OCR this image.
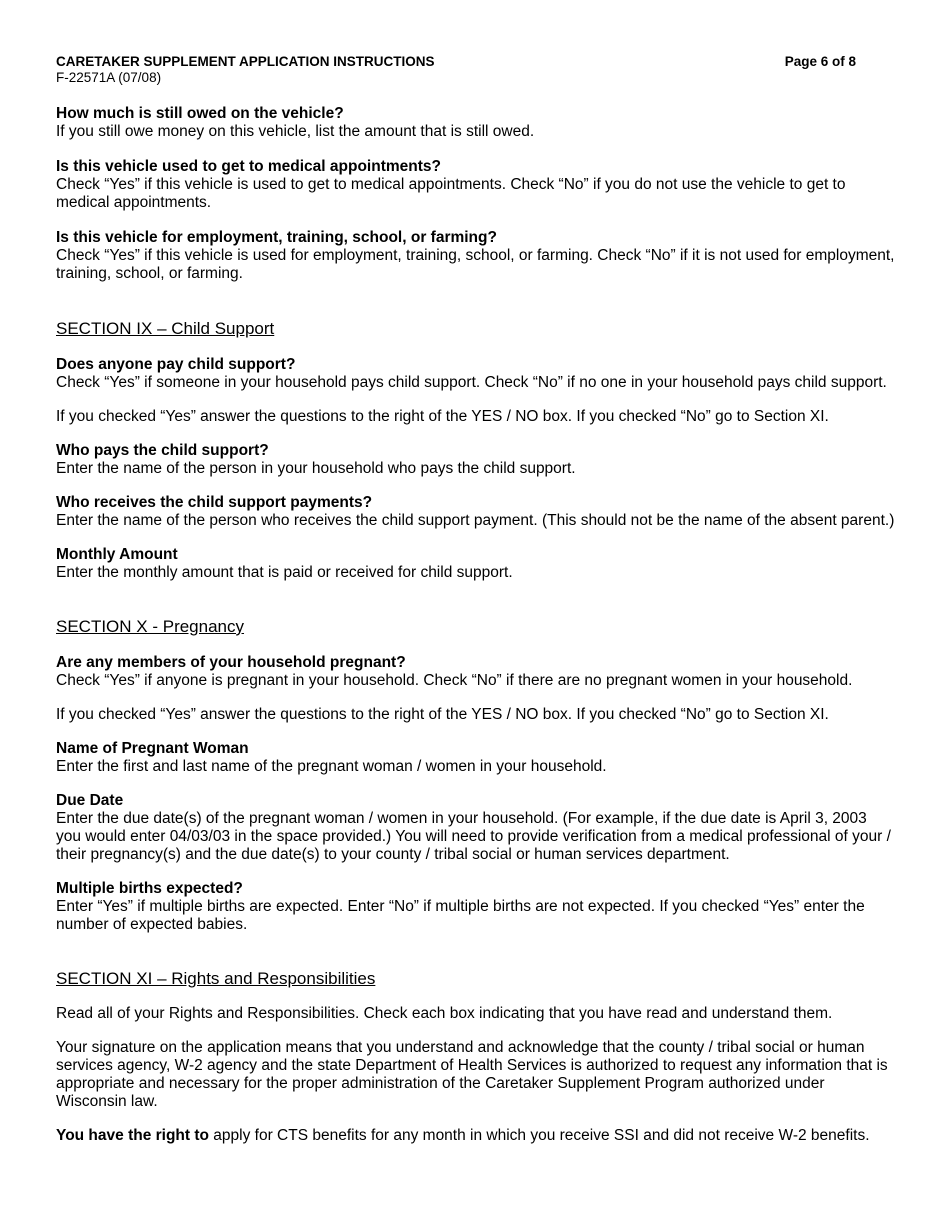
CARETAKER SUPPLEMENT APPLICATION INSTRUCTIONS	Page 6 of 8
F-22571A (07/08)
How much is still owed on the vehicle?
If you still owe money on this vehicle, list the amount that is still owed.
Is this vehicle used to get to medical appointments?
Check “Yes” if this vehicle is used to get to medical appointments. Check “No” if you do not use the vehicle to get to medical appointments.
Is this vehicle for employment, training, school, or farming?
Check “Yes” if this vehicle is used for employment, training, school, or farming. Check “No” if it is not used for employment, training, school, or farming.
SECTION IX – Child Support
Does anyone pay child support?
Check “Yes” if someone in your household pays child support. Check “No” if no one in your household pays child support.

If you checked “Yes” answer the questions to the right of the YES / NO box. If you checked “No” go to Section XI.

Who pays the child support?
Enter the name of the person in your household who pays the child support.
Who receives the child support payments?
Enter the name of the person who receives the child support payment. (This should not be the name of the absent parent.)
Monthly Amount
Enter the monthly amount that is paid or received for child support.
SECTION X - Pregnancy
Are any members of your household pregnant?
Check “Yes” if anyone is pregnant in your household. Check “No” if there are no pregnant women in your household.

If you checked “Yes” answer the questions to the right of the YES / NO box. If you checked “No” go to Section XI.

Name of Pregnant Woman
Enter the first and last name of the pregnant woman / women in your household.
Due Date
Enter the due date(s) of the pregnant woman / women in your household. (For example, if the due date is April 3, 2003 you would enter 04/03/03 in the space provided.) You will need to provide verification from a medical professional of your / their pregnancy(s) and the due date(s) to your county / tribal social or human services department.
Multiple births expected?
Enter “Yes” if multiple births are expected. Enter “No” if multiple births are not expected. If you checked “Yes” enter the number of expected babies.
SECTION XI – Rights and Responsibilities

Read all of your Rights and Responsibilities. Check each box indicating that you have read and understand them.

Your signature on the application means that you understand and acknowledge that the county / tribal social or human services agency, W-2 agency and the state Department of Health Services is authorized to request any information that is appropriate and necessary for the proper administration of the Caretaker Supplement Program authorized under Wisconsin law.

You have the right to apply for CTS benefits for any month in which you receive SSI and did not receive W-2 benefits.
